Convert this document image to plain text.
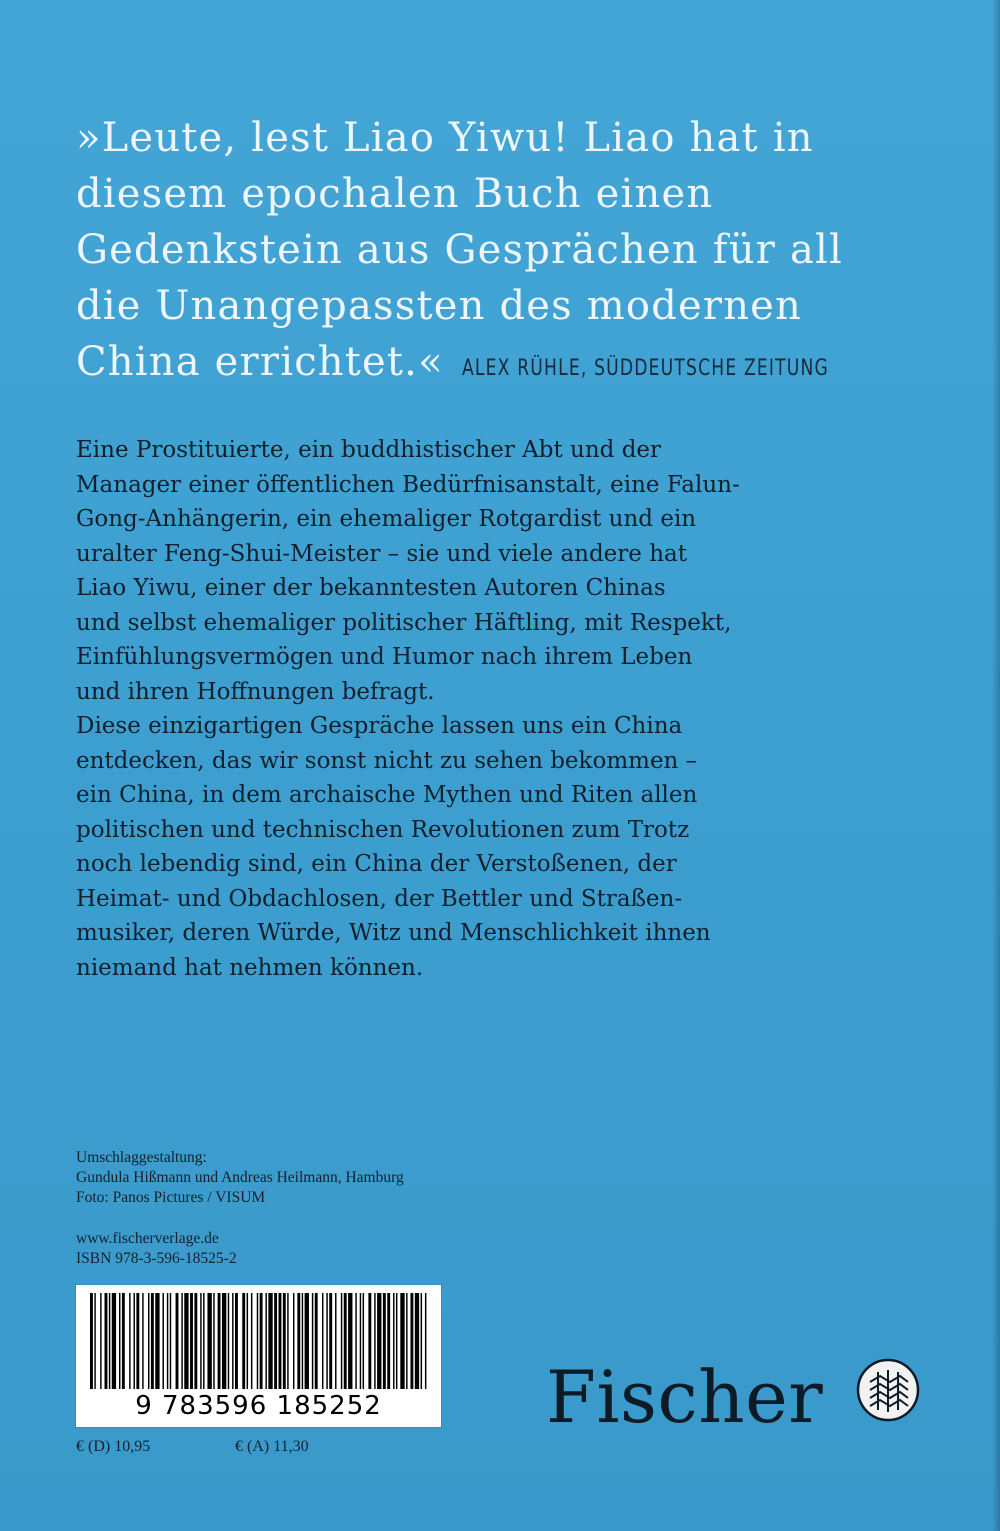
»Leute, lest Liao Yiwu! Liao hat in
diesem epochalen Buch einen
Gedenkstein aus Gesprächen für all
die Unangepassten des modernen
China errichtet.« ALEX RÜHLE, SÜDDEUTSCHE ZEITUNG
Eine Prostituierte, ein buddhistischer Abt und der
Manager einer öffentlichen Bedürfnisanstalt, eine Falun-
Gong-Anhängerin, ein ehemaliger Rotgardist und ein
uralter Feng-Shui-Meister – sie und viele andere hat
Liao Yiwu, einer der bekanntesten Autoren Chinas
und selbst ehemaliger politischer Häftling, mit Respekt,
Einfühlungsvermögen und Humor nach ihrem Leben
und ihren Hoffnungen befragt.
Diese einzigartigen Gespräche lassen uns ein China
entdecken, das wir sonst nicht zu sehen bekommen –
ein China, in dem archaische Mythen und Riten allen
politischen und technischen Revolutionen zum Trotz
noch lebendig sind, ein China der Verstoßenen, der
Heimat- und Obdachlosen, der Bettler und Straßen-
musiker, deren Würde, Witz und Menschlichkeit ihnen
niemand hat nehmen können.
Umschlaggestaltung:
Gundula Hißmann und Andreas Heilmann, Hamburg
Foto: Panos Pictures / VISUM
www.fischerverlage.de
ISBN 978-3-596-18525-2
9 783596 185252
€ (D) 10,95	€ (A) 11,30
Fischer
